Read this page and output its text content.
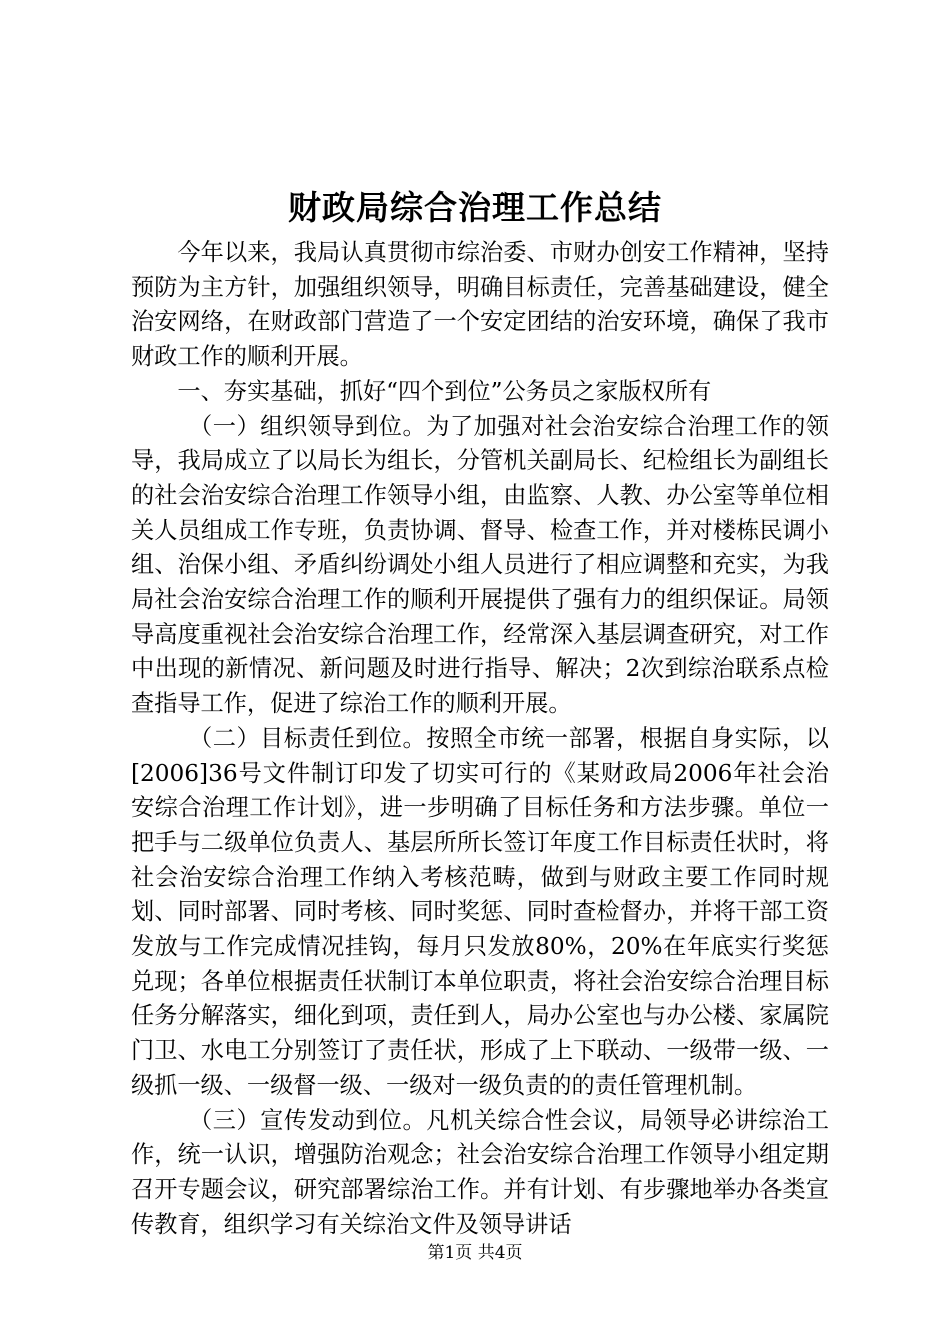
财政局综合治理工作总结

今年以来，我局认真贯彻市综治委、市财办创安工作精神，坚持预防为主方针，加强组织领导，明确目标责任，完善基础建设，健全治安网络，在财政部门营造了一个安定团结的治安环境，确保了我市财政工作的顺利开展。

一、夯实基础，抓好“四个到位”公务员之家版权所有

（一）组织领导到位。为了加强对社会治安综合治理工作的领导，我局成立了以局长为组长，分管机关副局长、纪检组长为副组长的社会治安综合治理工作领导小组，由监察、人教、办公室等单位相关人员组成工作专班，负责协调、督导、检查工作，并对楼栋民调小组、治保小组、矛盾纠纷调处小组人员进行了相应调整和充实，为我局社会治安综合治理工作的顺利开展提供了强有力的组织保证。局领导高度重视社会治安综合治理工作，经常深入基层调查研究，对工作中出现的新情况、新问题及时进行指导、解决；2次到综治联系点检查指导工作，促进了综治工作的顺利开展。

（二）目标责任到位。按照全市统一部署，根据自身实际，以[2006]36号文件制订印发了切实可行的《某财政局2006年社会治安综合治理工作计划》，进一步明确了目标任务和方法步骤。单位一把手与二级单位负责人、基层所所长签订年度工作目标责任状时，将社会治安综合治理工作纳入考核范畴，做到与财政主要工作同时规划、同时部署、同时考核、同时奖惩、同时查检督办，并将干部工资发放与工作完成情况挂钩，每月只发放80%，20%在年底实行奖惩兑现；各单位根据责任状制订本单位职责，将社会治安综合治理目标任务分解落实，细化到项，责任到人，局办公室也与办公楼、家属院门卫、水电工分别签订了责任状，形成了上下联动、一级带一级、一级抓一级、一级督一级、一级对一级负责的的责任管理机制。

（三）宣传发动到位。凡机关综合性会议，局领导必讲综治工作，统一认识，增强防治观念；社会治安综合治理工作领导小组定期召开专题会议，研究部署综治工作。并有计划、有步骤地举办各类宣传教育，组织学习有关综治文件及领导讲话

第1页 共4页
